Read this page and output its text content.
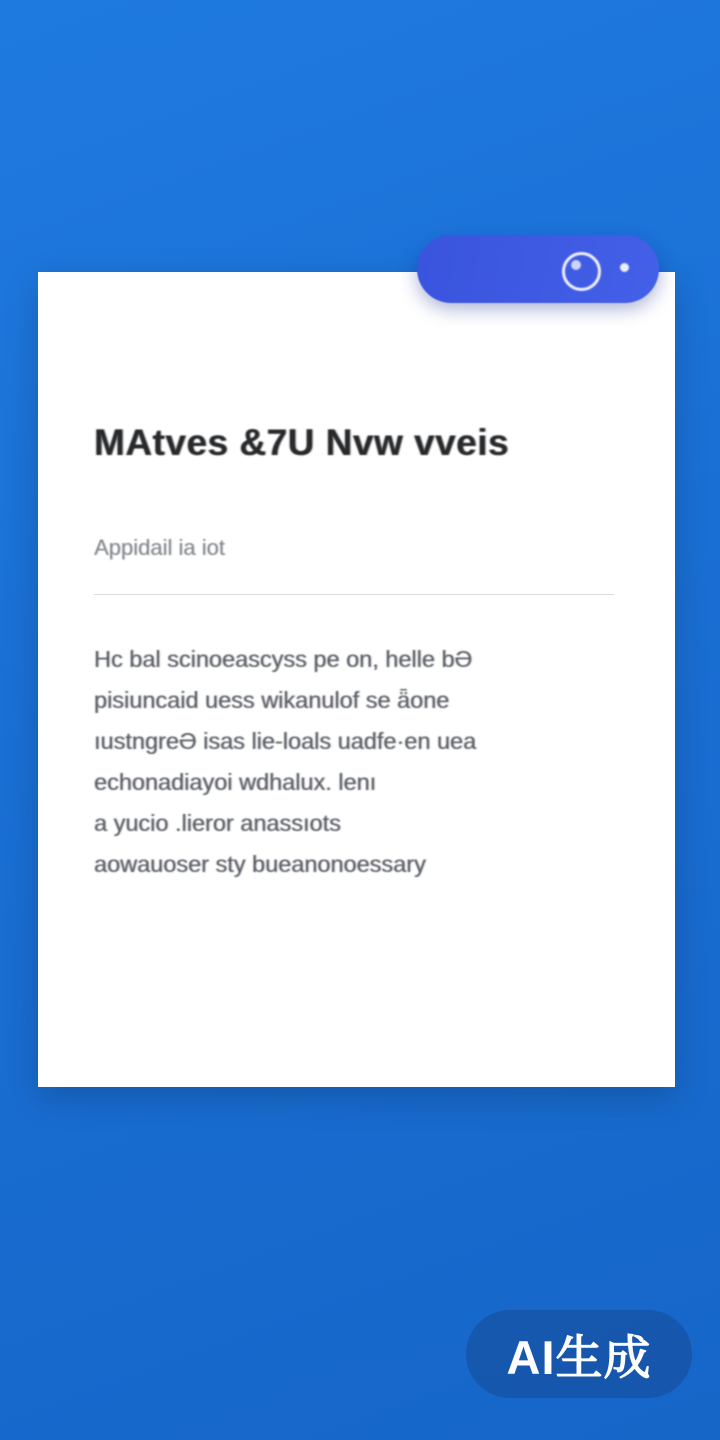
MAtves &7U Nvw vveis
Appidail ia iot
Hc bal scinoeascyss pe on, helle bƏ
pisiuncaid uess wikanulof se ǟone
ıustngreƏ isas lie-loals uadfe·en uea
echonadiayoi wdhalux. lenı
a yucio .lieror anassıots
aowauoser sty bueanonoessary
AI生成
